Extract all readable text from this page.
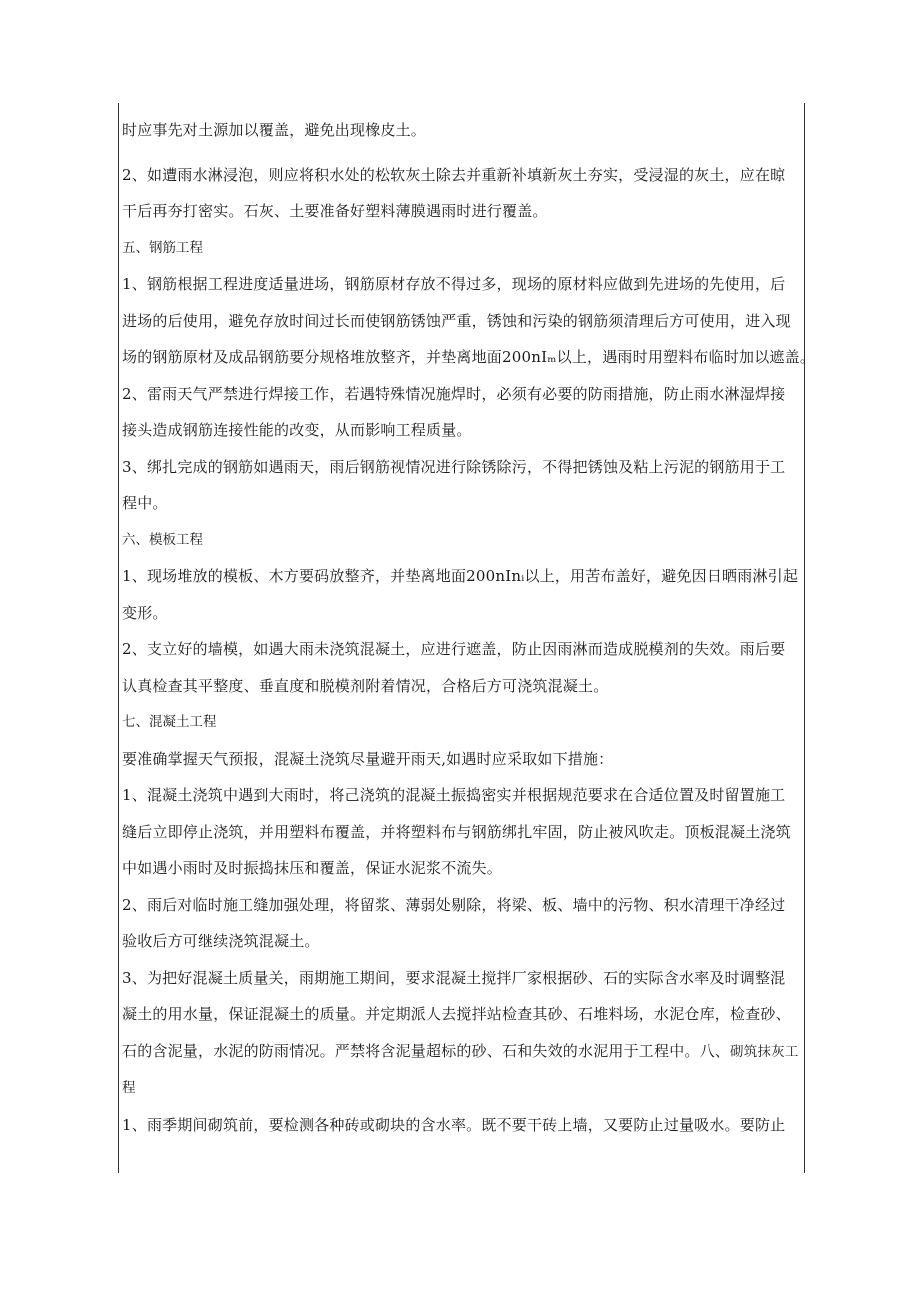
时应事先对土源加以覆盖，避免出现橡皮土。

2、如遭雨水淋浸泡，则应将积水处的松软灰土除去并重新补填新灰土夯实，受浸湿的灰土，应在晾

干后再夯打密实。石灰、土要准备好塑料薄膜遇雨时进行覆盖。

五、钢筋工程

1、钢筋根据工程进度适量进场，钢筋原材存放不得过多，现场的原材料应做到先进场的先使用，后

进场的后使用，避免存放时间过长而使钢筋锈蚀严重，锈蚀和污染的钢筋须清理后方可使用，进入现

场的钢筋原材及成品钢筋要分规格堆放整齐，并垫离地面200nIₘ以上，遇雨时用塑料布临时加以遮盖。

2、雷雨天气严禁进行焊接工作，若遇特殊情况施焊时，必须有必要的防雨措施，防止雨水淋湿焊接

接头造成钢筋连接性能的改变，从而影响工程质量。

3、绑扎完成的钢筋如遇雨天，雨后钢筋视情况进行除锈除污，不得把锈蚀及粘上污泥的钢筋用于工

程中。

六、模板工程

1、现场堆放的模板、木方要码放整齐，并垫离地面200nInᵢ以上，用苦布盖好，避免因日晒雨淋引起

变形。

2、支立好的墙模，如遇大雨未浇筑混凝土，应进行遮盖，防止因雨淋而造成脱模剂的失效。雨后要

认真检查其平整度、垂直度和脱模剂附着情况，合格后方可浇筑混凝土。

七、混凝土工程

要准确掌握天气预报，混凝土浇筑尽量避开雨天,如遇时应采取如下措施：

1、混凝土浇筑中遇到大雨时，将己浇筑的混凝土振捣密实并根据规范要求在合适位置及时留置施工

缝后立即停止浇筑，并用塑料布覆盖，并将塑料布与钢筋绑扎牢固，防止被风吹走。顶板混凝土浇筑

中如遇小雨时及时振捣抹压和覆盖，保证水泥浆不流失。

2、雨后对临时施工缝加强处理，将留浆、薄弱处剔除，将梁、板、墙中的污物、积水清理干净经过

验收后方可继续浇筑混凝土。

3、为把好混凝土质量关，雨期施工期间，要求混凝土搅拌厂家根据砂、石的实际含水率及时调整混

凝土的用水量，保证混凝土的质量。并定期派人去搅拌站检查其砂、石堆料场，水泥仓库，检查砂、

石的含泥量，水泥的防雨情况。严禁将含泥量超标的砂、石和失效的水泥用于工程中。八、砌筑抹灰工

程

1、雨季期间砌筑前，要检测各种砖或砌块的含水率。既不要干砖上墙，又要防止过量吸水。要防止
